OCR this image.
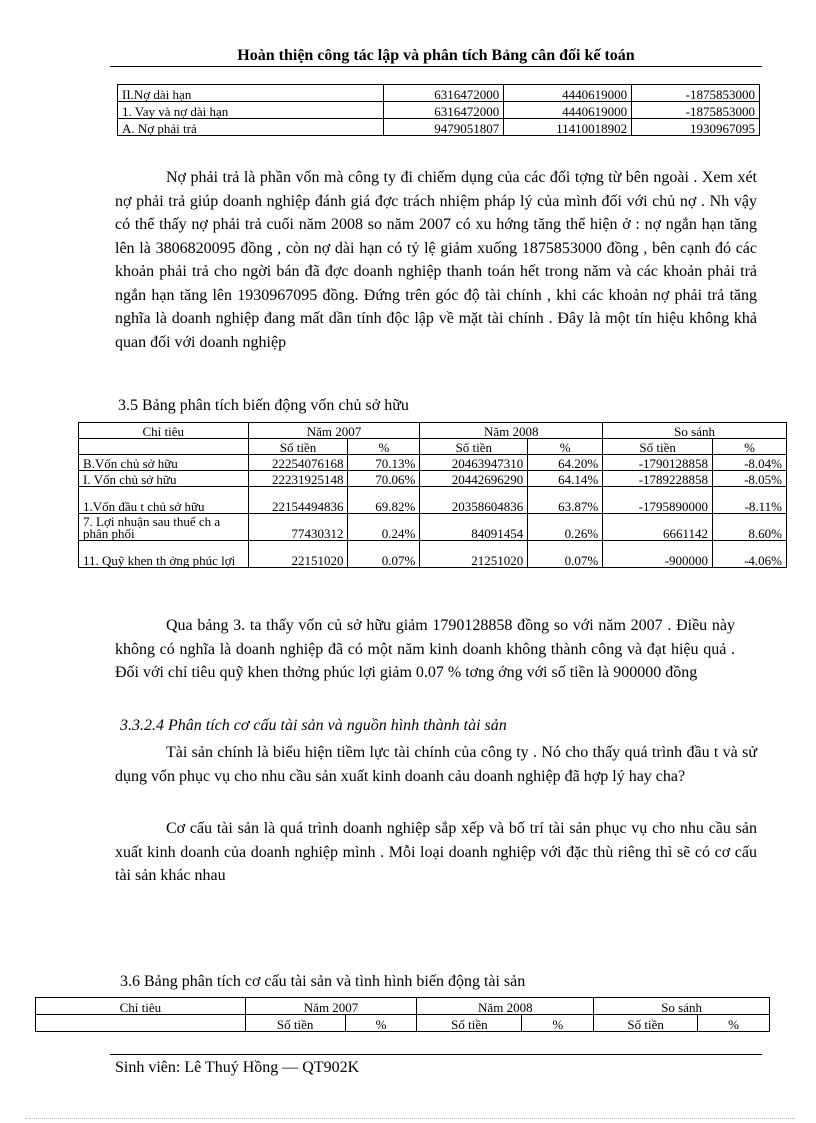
Hoàn thiện công tác lập và phân tích Bảng cân đối kế toán
II.Nợ dài hạn	6316472000	4440619000	-1875853000
1. Vay và nợ dài hạn	6316472000	4440619000	-1875853000
A. Nợ phải trả	9479051807	11410018902	1930967095

Nợ phải trả là phần vốn mà công ty đi chiếm dụng của các đối tợng từ bên ngoài . Xem xét nợ phải trả giúp doanh nghiệp đánh giá đợc trách nhiệm pháp lý của mình đối với chủ nợ . Nh vậy có thể thấy nợ phải trả cuối năm 2008 so năm 2007 có xu hớng tăng thể hiện ở : nợ ngắn hạn tăng lên là 3806820095 đồng , còn nợ dài hạn có tỷ lệ giảm xuống 1875853000 đồng , bên cạnh đó các khoản phải trả cho ngời bán đã đợc doanh nghiệp thanh toán hết trong năm và các khoản phải trả ngắn hạn tăng lên 1930967095 đồng. Đứng trên góc độ tài chính , khi các khoản nợ phải trả tăng nghĩa là doanh nghiệp đang mất dần tính độc lập về mặt tài chính . Đây là một tín hiệu không khả quan đối với doanh nghiệp

3.5 Bảng phân tích biến động vốn chủ sở hữu
Chỉ tiêu	Năm 2007		Năm 2008		So sánh	
	Số tiền	%	Số tiền	%	Số tiền	%
B.Vốn chủ sở hữu	22254076168	70.13%	20463947310	64.20%	-1790128858	-8.04%
I. Vốn chủ sở hữu	22231925148	70.06%	20442696290	64.14%	-1789228858	-8.05%
1.Vốn đầu t chủ sở hữu	22154494836	69.82%	20358604836	63.87%	-1795890000	-8.11%
7. Lợi nhuận sau thuế ch a phân phối	77430312	0.24%	84091454	0.26%	6661142	8.60%
11. Quỹ khen th ởng phúc lợi	22151020	0.07%	21251020	0.07%	-900000	-4.06%

Qua bảng 3. ta thấy vốn củ sở hữu giảm 1790128858 đồng so với năm 2007 . Điều này không có nghĩa là doanh nghiệp đã có một năm kinh doanh không thành công và đạt hiệu quả . Đối với chỉ tiêu quỹ khen thởng phúc lợi giảm 0.07 % tơng ớng với số tiền là 900000 đồng

3.3.2.4 Phân tích cơ cấu tài sản và nguồn hình thành tài sản

Tài sản chính là biểu hiện tiềm lực tài chính của công ty . Nó cho thấy quá trình đầu t và sử dụng vốn phục vụ cho nhu cầu sản xuất kinh doanh cảu doanh nghiệp đã hợp lý hay cha?

Cơ cấu tài sản là quá trình doanh nghiệp sắp xếp và bố trí tài sản phục vụ cho nhu cầu sản xuất kinh doanh của doanh nghiệp mình . Mỗi loại doanh nghiệp với đặc thù riêng thì sẽ có cơ cấu tài sản khác nhau

3.6 Bảng phân tích cơ cấu tài sản và tình hình biến động tài sản
Chỉ tiêu	Năm 2007		Năm 2008		So sánh	
	Số tiền	%	Số tiền	%	Số tiền	%
Sinh viên: Lê Thuý Hồng — QT902K
